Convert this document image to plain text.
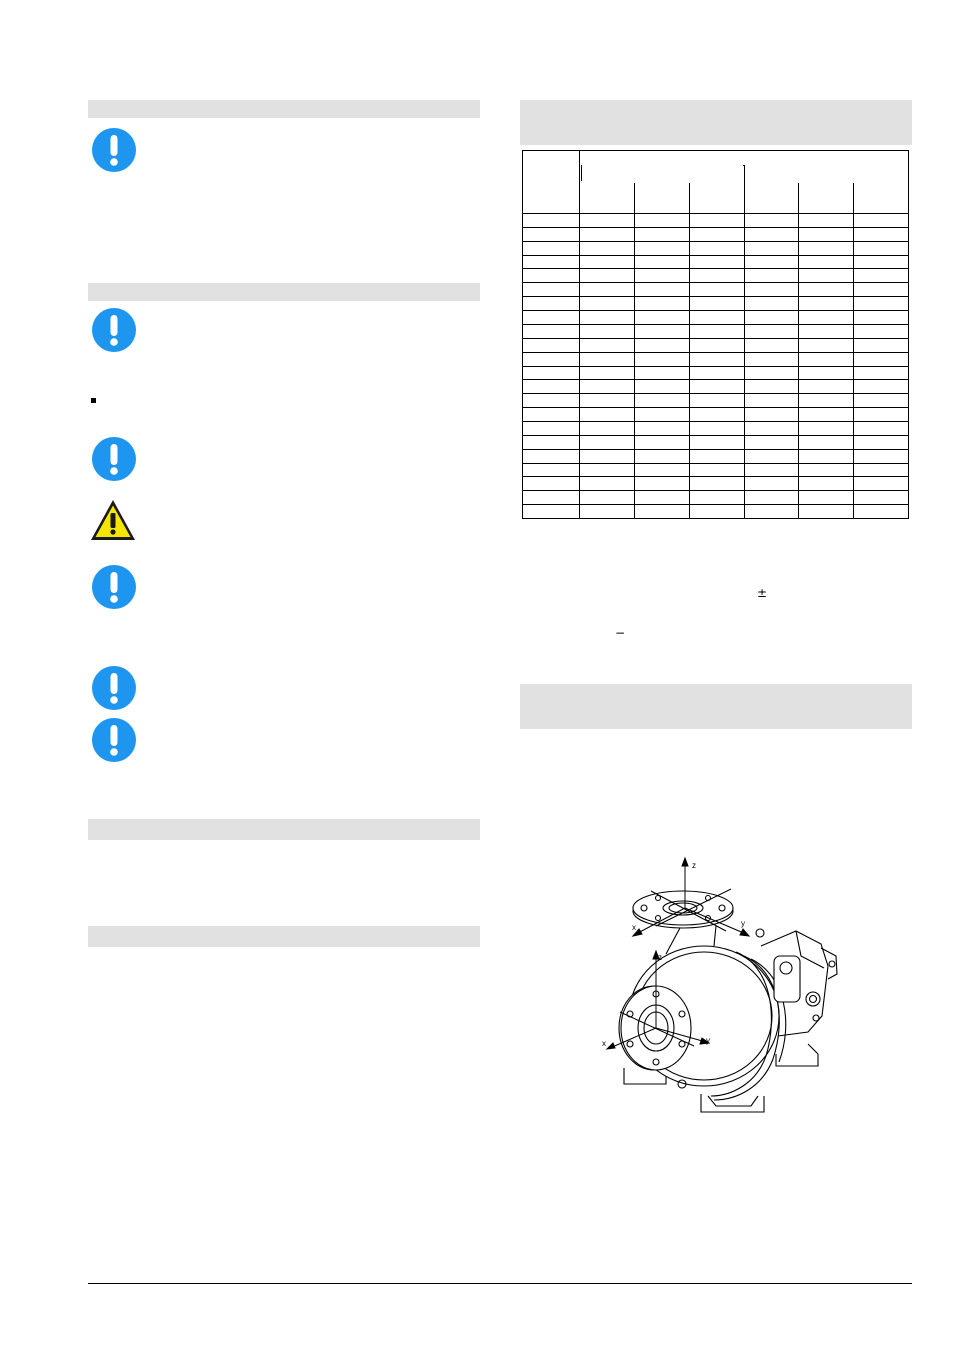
±
−
z
x	y
z
x	y
